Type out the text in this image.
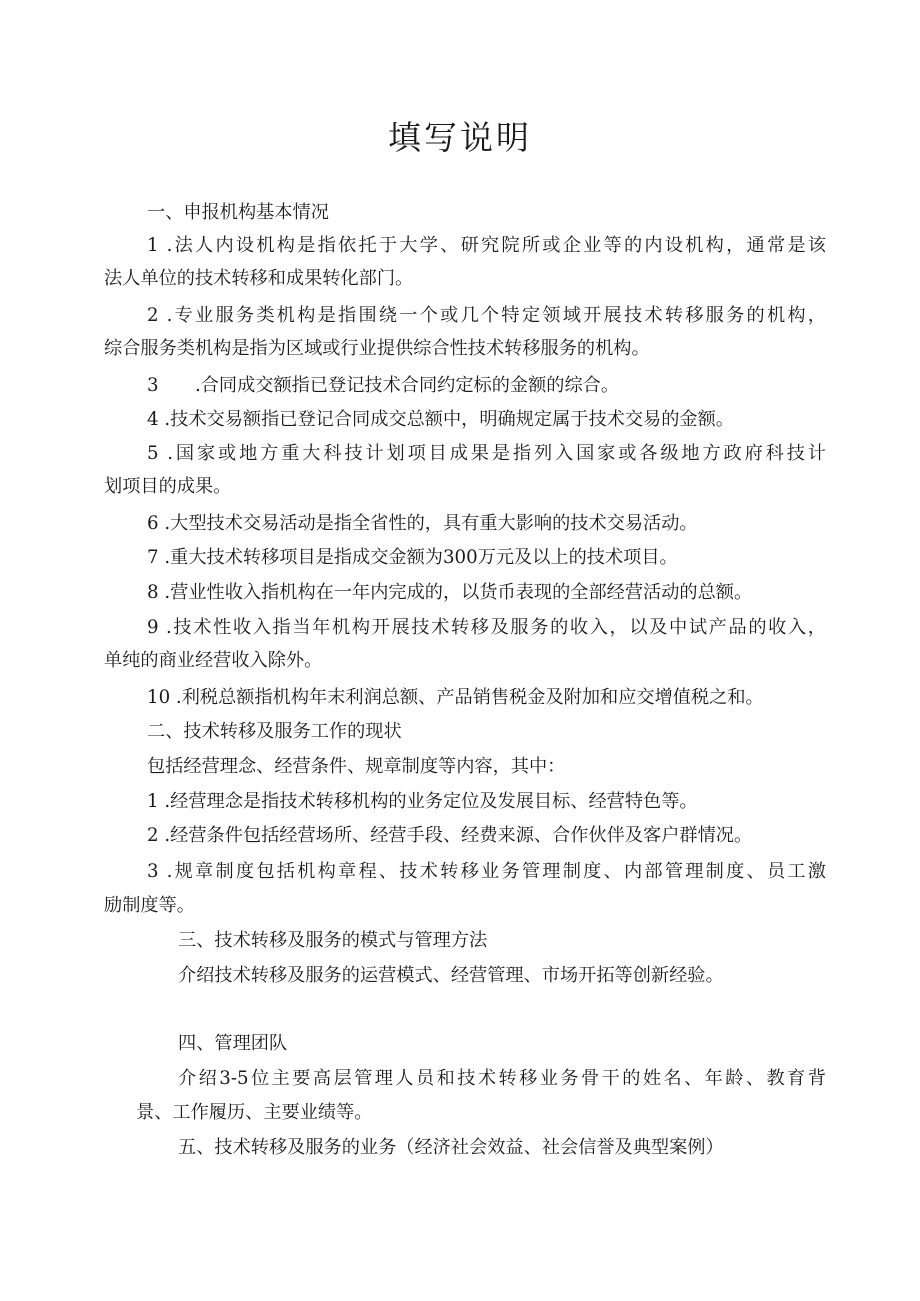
填写说明
一、申报机构基本情况
1 .法人内设机构是指依托于大学、研究院所或企业等的内设机构，通常是该
法人单位的技术转移和成果转化部门。
2 .专业服务类机构是指围绕一个或几个特定领域开展技术转移服务的机构，
综合服务类机构是指为区域或行业提供综合性技术转移服务的机构。
3　　.合同成交额指已登记技术合同约定标的金额的综合。
4 .技术交易额指已登记合同成交总额中，明确规定属于技术交易的金额。
5 .国家或地方重大科技计划项目成果是指列入国家或各级地方政府科技计
划项目的成果。
6 .大型技术交易活动是指全省性的，具有重大影响的技术交易活动。
7 .重大技术转移项目是指成交金额为300万元及以上的技术项目。
8 .营业性收入指机构在一年内完成的，以货币表现的全部经营活动的总额。
9 .技术性收入指当年机构开展技术转移及服务的收入，以及中试产品的收入，
单纯的商业经营收入除外。
10 .利税总额指机构年末利润总额、产品销售税金及附加和应交增值税之和。
二、技术转移及服务工作的现状
包括经营理念、经营条件、规章制度等内容，其中：
1 .经营理念是指技术转移机构的业务定位及发展目标、经营特色等。
2 .经营条件包括经营场所、经营手段、经费来源、合作伙伴及客户群情况。
3 .规章制度包括机构章程、技术转移业务管理制度、内部管理制度、员工激
励制度等。
三、技术转移及服务的模式与管理方法
介绍技术转移及服务的运营模式、经营管理、市场开拓等创新经验。
四、管理团队
介绍3-5位主要高层管理人员和技术转移业务骨干的姓名、年龄、教育背
景、工作履历、主要业绩等。
五、技术转移及服务的业务（经济社会效益、社会信誉及典型案例）
